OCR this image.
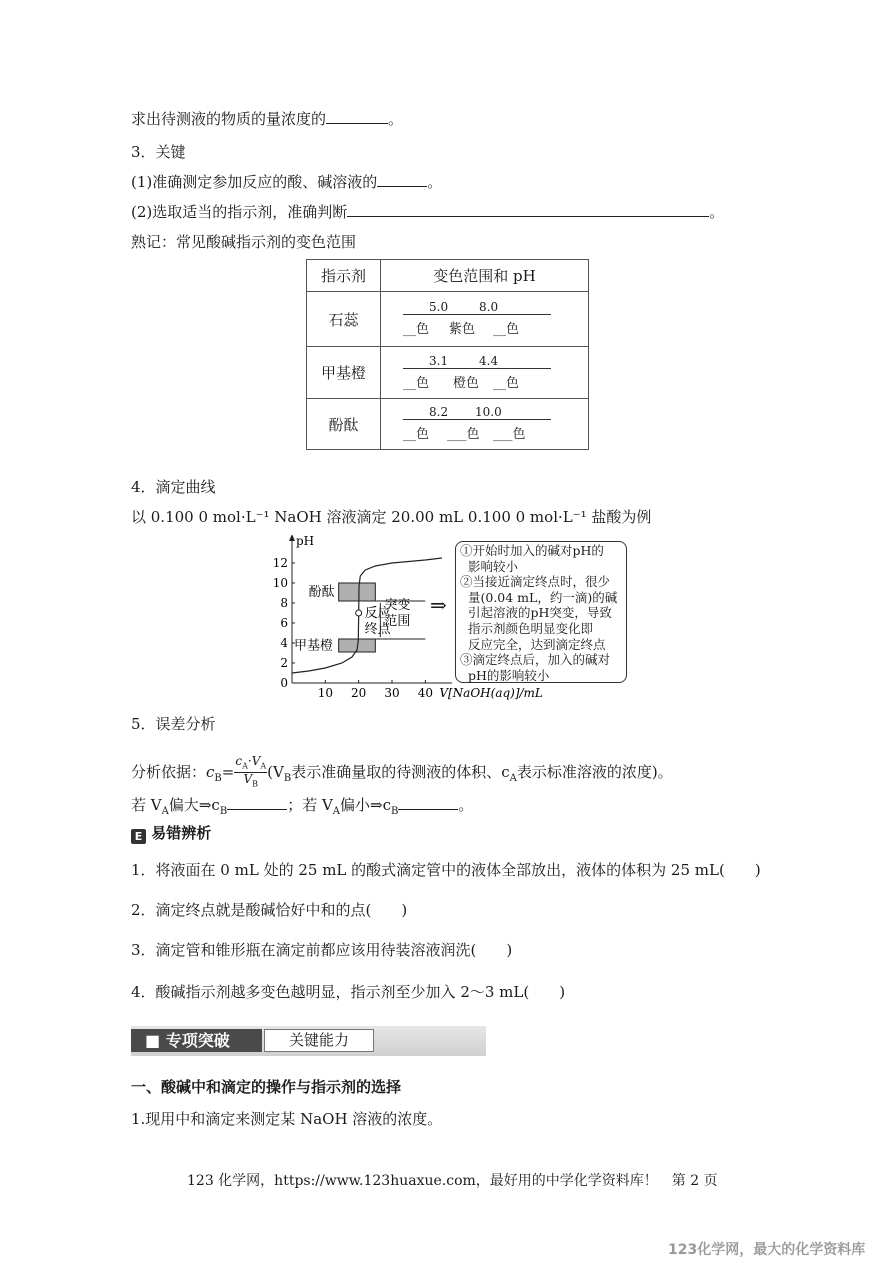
求出待测液的物质的量浓度的	。
3．关键
(1)准确测定参加反应的酸、碱溶液的	。
(2)选取适当的指示剂，准确判断	。
熟记：常见酸碱指示剂的变色范围
指示剂	变色范围和 pH
石蕊	5.0 8.0
__色 紫色 __色

甲基橙	3.1 4.4
__色 橙色 __色

酚酞	8.2 10.0
__色 ___色 ___色
4．滴定曲线
以 0.100 0 mol·L⁻¹ NaOH 溶液滴定 20.00 mL 0.100 0 mol·L⁻¹ 盐酸为例
pH
0
2
4
6
8
10
12
10 20 30 40 V[NaOH(aq)]/mL
酚酞
甲基橙
反应
终点
突变
范围
①开始时加入的碱对pH的
影响较小
②当接近滴定终点时，很少
量(0.04 mL，约一滴)的碱
引起溶液的pH突变，导致
指示剂颜色明显变化即
反应完全，达到滴定终点
③滴定终点后，加入的碱对
pH的影响较小
⇒
5．误差分析
分析依据：$c_B= \frac{c_A\cdot V_A}{V_B} (V_B$表示准确量取的待测液的体积、$c_A$表示标准溶液的浓度)。
若 $V_A$偏大$\Rightarrow c_B$	；若 $V_A$偏小$\Rightarrow c_B$	。
E 易错辨析
1．将液面在 0 mL 处的 25 mL 的酸式滴定管中的液体全部放出，液体的体积为 25 mL(　　)
2．滴定终点就是酸碱恰好中和的点(　　)
3．滴定管和锥形瓶在滴定前都应该用待装溶液润洗(　　)
4．酸碱指示剂越多变色越明显，指示剂至少加入 2～3 mL(　　)
■ 专项突破	关键能力
一、酸碱中和滴定的操作与指示剂的选择
1.现用中和滴定来测定某 NaOH 溶液的浓度。
123 化学网，https://www.123huaxue.com，最好用的中学化学资料库！　第 2 页
123化学网，最大的化学资料库
